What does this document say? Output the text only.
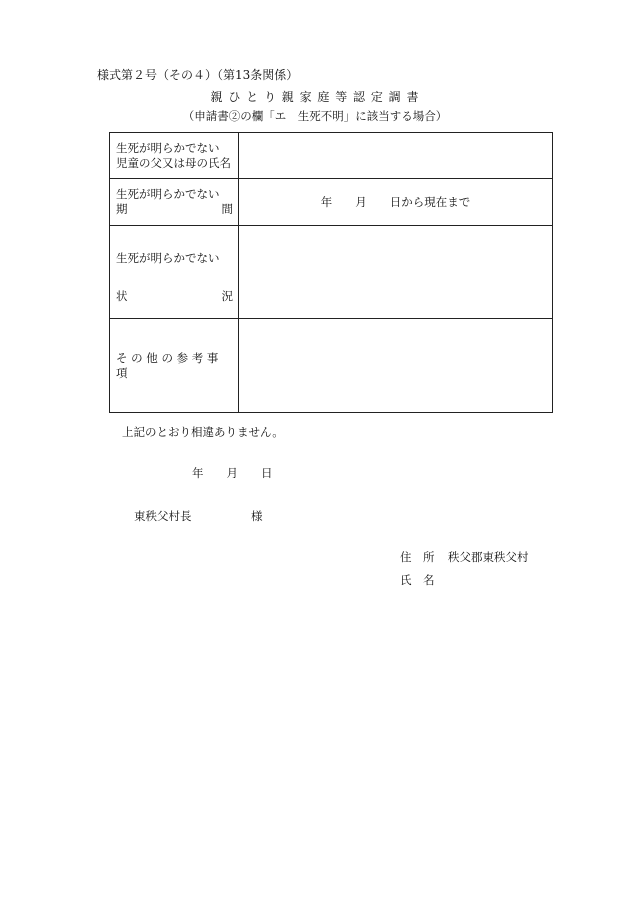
様式第２号（その４）（第13条関係）
親 ひ と り 親 家 庭 等 認 定 調 書
（申請書②の欄「エ　生死不明」に該当する場合）
生死が明らかでない
児童の父又は母の氏名	

生死が明らかでない
期 間	年　　月　　日から現在まで

生死が明らかでない
状 況	

そ の 他 の 参 考 事 項	

上記のとおり相違ありません。
年　　月　　日
東秩父村長	様
住　所 秩父郡東秩父村
氏　名
